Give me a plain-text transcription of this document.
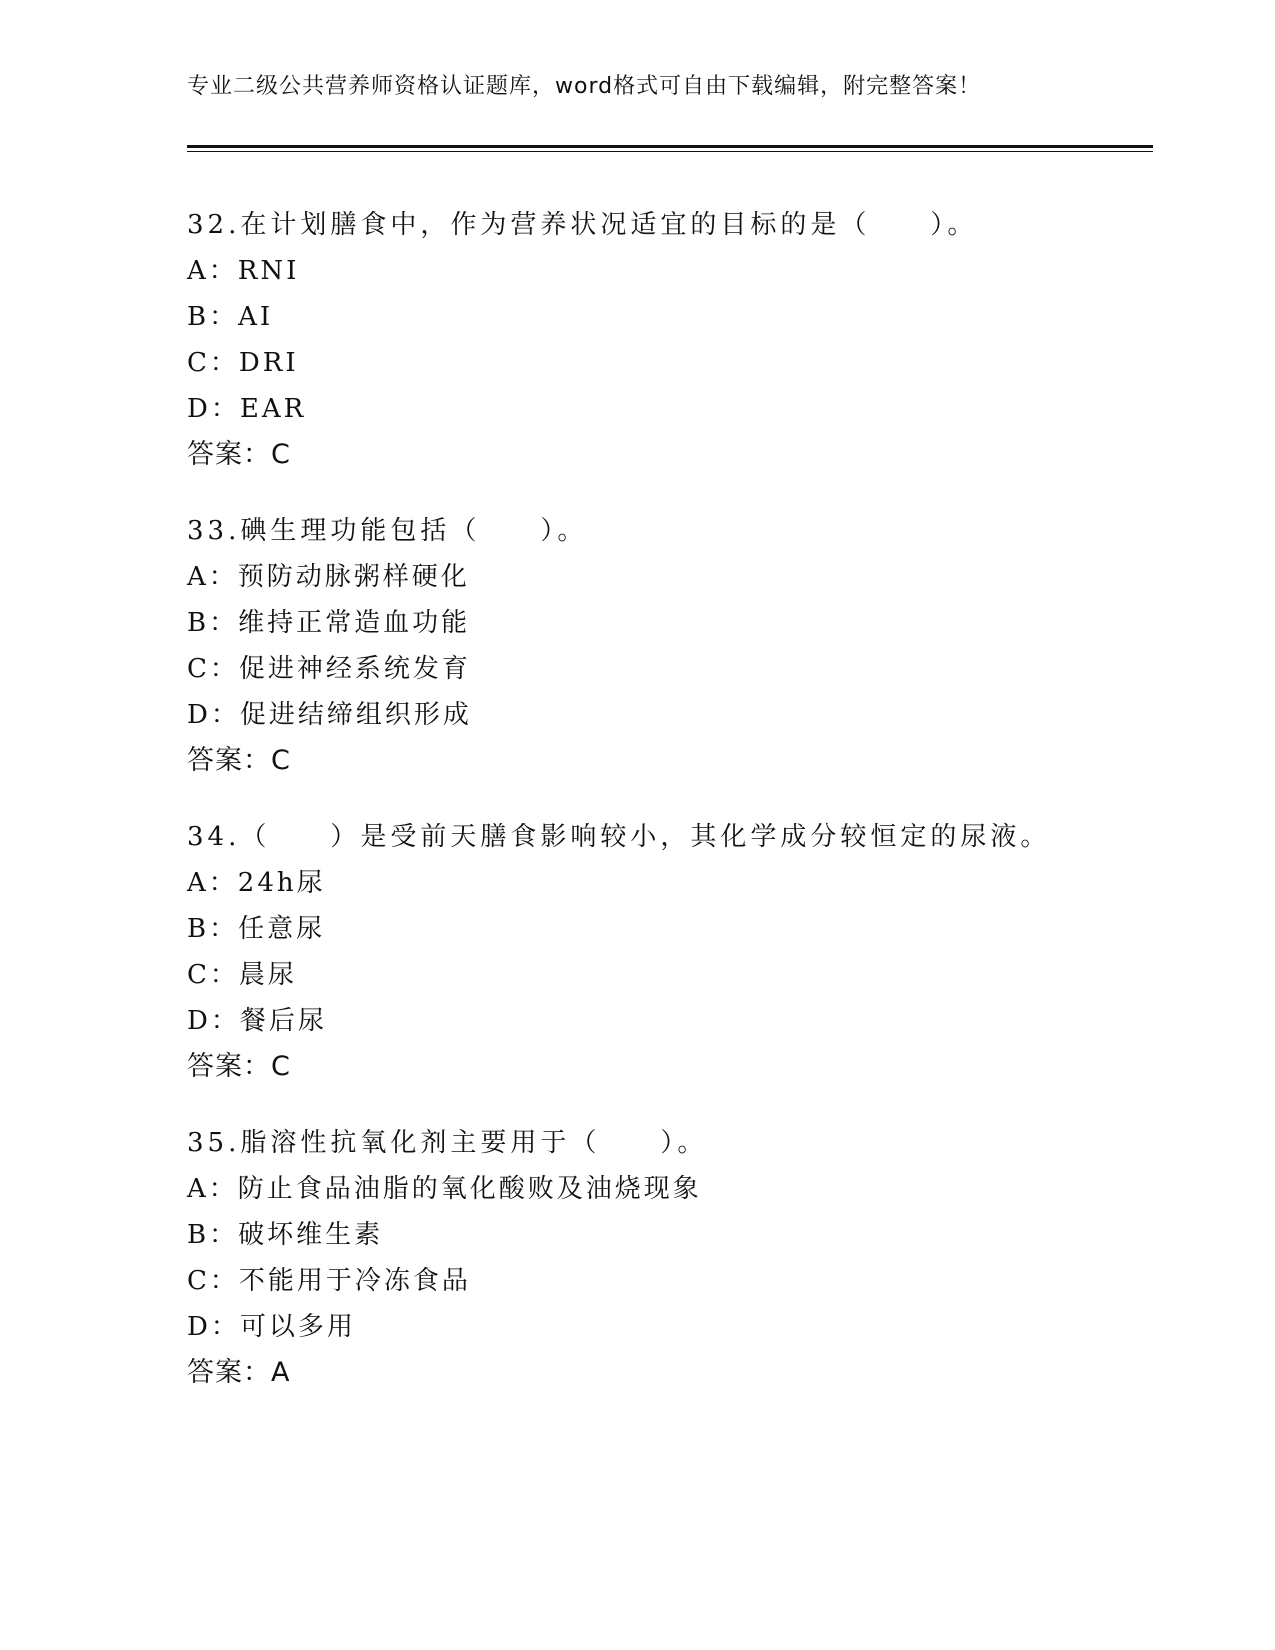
专业二级公共营养师资格认证题库，word格式可自由下载编辑，附完整答案！
32.在计划膳食中，作为营养状况适宜的目标的是（　　）。
A：RNI
B：AI
C：DRI
D：EAR
答案：C
33.碘生理功能包括（　　）。
A：预防动脉粥样硬化
B：维持正常造血功能
C：促进神经系统发育
D：促进结缔组织形成
答案：C
34.（　　）是受前天膳食影响较小，其化学成分较恒定的尿液。
A：24h尿
B：任意尿
C：晨尿
D：餐后尿
答案：C
35.脂溶性抗氧化剂主要用于（　　）。
A：防止食品油脂的氧化酸败及油烧现象
B：破坏维生素
C：不能用于冷冻食品
D：可以多用
答案：A
